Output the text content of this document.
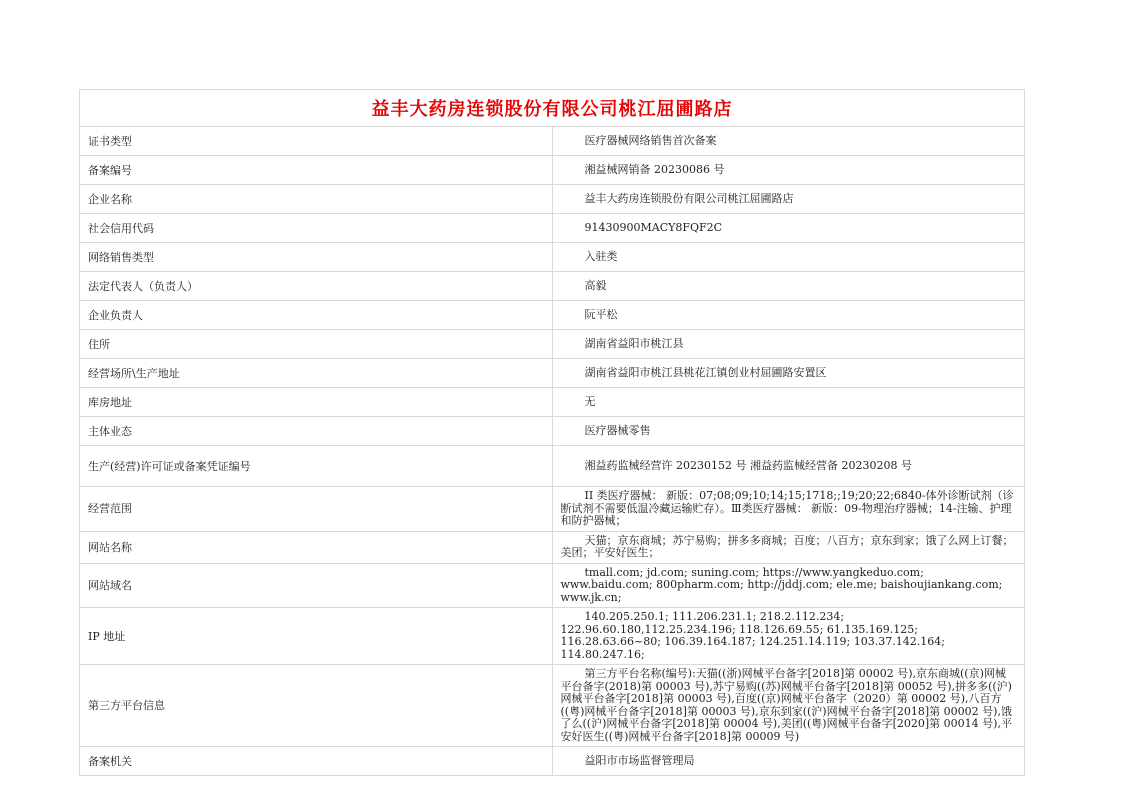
益丰大药房连锁股份有限公司桃江屈圃路店	
证书类型	医疗器械网络销售首次备案
备案编号	湘益械网销备 20230086 号
企业名称	益丰大药房连锁股份有限公司桃江屈圃路店
社会信用代码	91430900MACY8FQF2C
网络销售类型	入驻类
法定代表人（负责人）	高毅
企业负责人	阮平松
住所	湖南省益阳市桃江县
经营场所\生产地址	湖南省益阳市桃江县桃花江镇创业村屈圃路安置区
库房地址	无
主体业态	医疗器械零售
生产(经营)许可证或备案凭证编号	湘益药监械经营许 20230152 号 湘益药监械经营备 20230208 号
经营范围	II 类医疗器械： 新版：07;08;09;10;14;15;1718;;19;20;22;6840-体外诊断试剂（诊断试剂不需要低温冷藏运输贮存）。Ⅲ类医疗器械： 新版：09-物理治疗器械；14-注输、护理和防护器械；
网站名称	天猫；京东商城；苏宁易购；拼多多商城；百度；八百方；京东到家；饿了么网上订餐；美团；平安好医生；
网站域名	tmall.com; jd.com; suning.com; https://www.yangkeduo.com; www.baidu.com; 800pharm.com; http://jddj.com; ele.me; baishoujiankang.com; www.jk.cn;
IP 地址	140.205.250.1; 111.206.231.1; 218.2.112.234; 122.96.60.180,112.25.234.196; 118.126.69.55; 61.135.169.125; 116.28.63.66~80; 106.39.164.187; 124.251.14.119; 103.37.142.164; 114.80.247.16;
第三方平台信息	第三方平台名称(编号):天猫((浙)网械平台备字[2018]第 00002 号),京东商城((京)网械平台备字(2018)第 00003 号),苏宁易购((苏)网械平台备字[2018]第 00052 号),拼多多((沪)网械平台备字[2018]第 00003 号),百度((京)网械平台备字（2020）第 00002 号),八百方((粤)网械平台备字[2018]第 00003 号),京东到家((沪)网械平台备字[2018]第 00002 号),饿了么((沪)网械平台备字[2018]第 00004 号),美团((粤)网械平台备字[2020]第 00014 号),平安好医生((粤)网械平台备字[2018]第 00009 号)
备案机关	益阳市市场监督管理局
